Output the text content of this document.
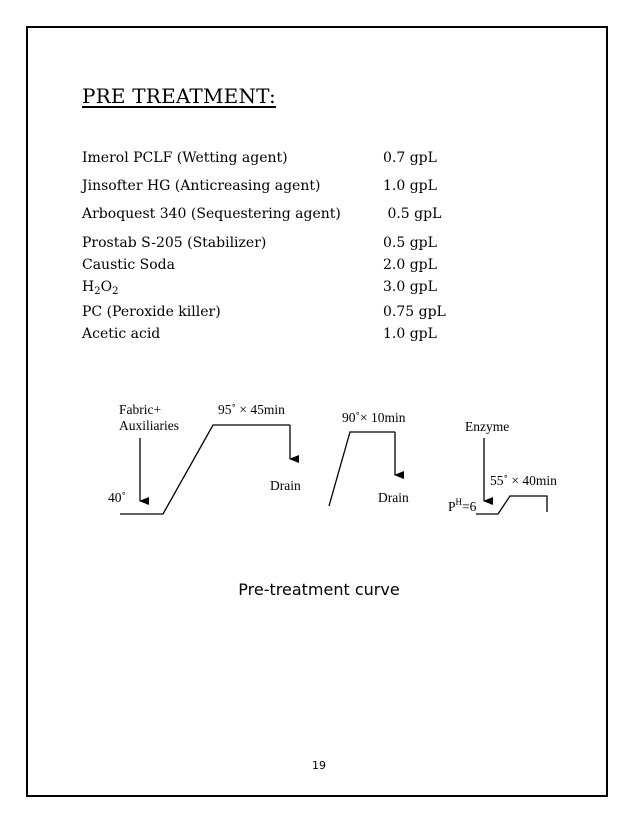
PRE TREATMENT:
Imerol PCLF (Wetting agent)	0.7 gpL
Jinsofter HG (Anticreasing agent)	1.0 gpL
Arboquest 340 (Sequestering agent)	0.5 gpL
Prostab S-205 (Stabilizer)	0.5 gpL
Caustic Soda	2.0 gpL
$H_2O_2$	3.0 gpL
PC (Peroxide killer)	0.75 gpL
Acetic acid	1.0 gpL
Fabric+
Auxiliaries
40˚
95˚ × 45min
Drain
90˚× 10min
Drain
Enzyme
55˚ × 40min
$P^H=6$
Pre-treatment curve
19
